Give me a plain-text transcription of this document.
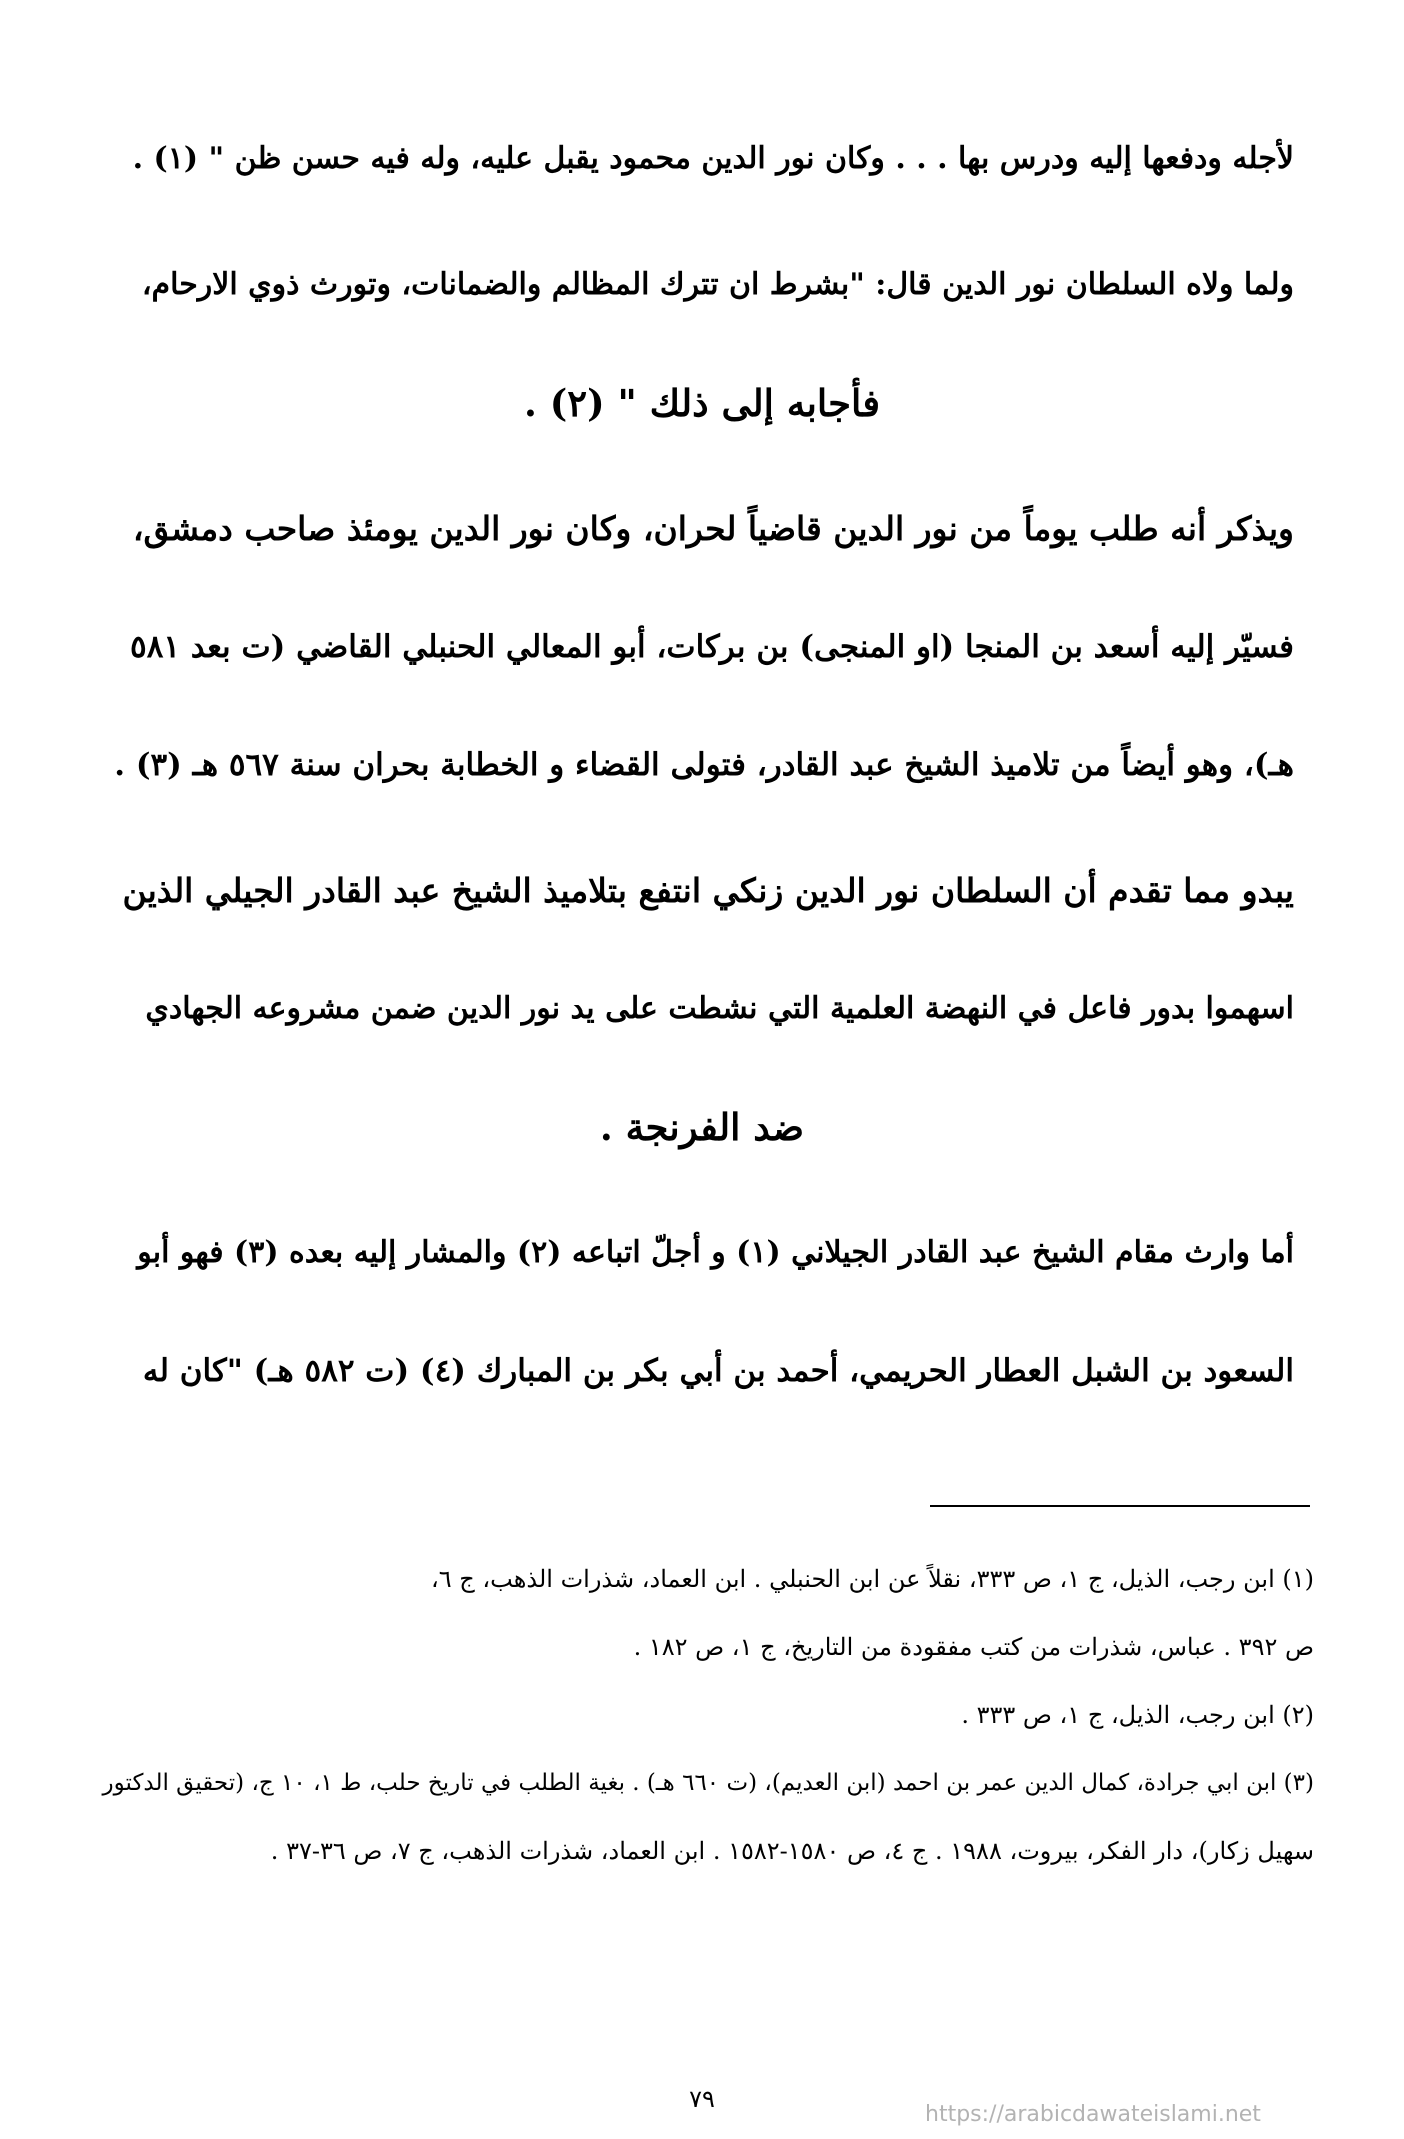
لأجله ودفعها إليه ودرس بها . . . وكان نور الدين محمود يقبل عليه، وله فيه حسن ظن " (١) .
ولما ولاه السلطان نور الدين قال: "بشرط ان تترك المظالم والضمانات، وتورث ذوي الارحام،
فأجابه إلى ذلك " (٢) .
ويذكر أنه طلب يوماً من نور الدين قاضياً لحران، وكان نور الدين يومئذ صاحب دمشق،
فسيّر إليه أسعد بن المنجا (او المنجى) بن بركات، أبو المعالي الحنبلي القاضي (ت بعد ٥٨١
هـ)، وهو أيضاً من تلاميذ الشيخ عبد القادر، فتولى القضاء و الخطابة بحران سنة ٥٦٧ هـ (٣) .
يبدو مما تقدم أن السلطان نور الدين زنكي انتفع بتلاميذ الشيخ عبد القادر الجيلي الذين
اسهموا بدور فاعل في النهضة العلمية التي نشطت على يد نور الدين ضمن مشروعه الجهادي
ضد الفرنجة .
أما وارث مقام الشيخ عبد القادر الجيلاني (١) و أجلّ اتباعه (٢) والمشار إليه بعده (٣) فهو أبو
السعود بن الشبل العطار الحريمي، أحمد بن أبي بكر بن المبارك (٤) (ت ٥٨٢ هـ) "كان له
(١) ابن رجب، الذيل، ج ١، ص ٣٣٣، نقلاً عن ابن الحنبلي . ابن العماد، شذرات الذهب، ج ٦،
ص ٣٩٢ . عباس، شذرات من كتب مفقودة من التاريخ، ج ١، ص ١٨٢ .
(٢) ابن رجب، الذيل، ج ١، ص ٣٣٣ .
(٣) ابن ابي جرادة، كمال الدين عمر بن احمد (ابن العديم)، (ت ٦٦٠ هـ) . بغية الطلب في تاريخ حلب، ط ١، ١٠ ج، (تحقيق الدكتور
سهيل زكار)، دار الفكر، بيروت، ١٩٨٨ . ج ٤، ص ١٥٨٠-١٥٨٢ . ابن العماد، شذرات الذهب، ج ٧، ص ٣٦-٣٧ .
٧٩
https://arabicdawateislami.net
